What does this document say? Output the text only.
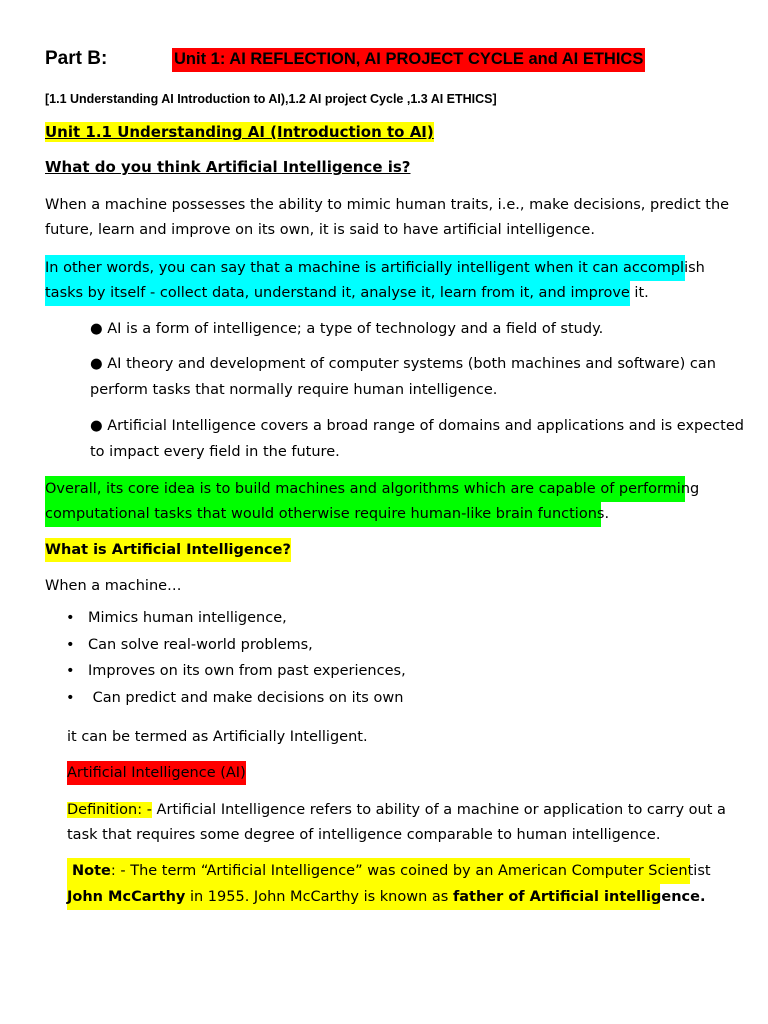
Part B:	Unit 1: AI REFLECTION, AI PROJECT CYCLE and AI ETHICS
[1.1 Understanding AI Introduction to AI),1.2 AI project Cycle ,1.3 AI ETHICS]
Unit 1.1 Understanding AI (Introduction to AI)
What do you think Artificial Intelligence is?
When a machine possesses the ability to mimic human traits, i.e., make decisions, predict the
future, learn and improve on its own, it is said to have artificial intelligence.
In other words, you can say that a machine is artificially intelligent when it can accomplish
tasks by itself - collect data, understand it, analyse it, learn from it, and improve it.
● AI is a form of intelligence; a type of technology and a field of study.
● AI theory and development of computer systems (both machines and software) can
perform tasks that normally require human intelligence.
● Artificial Intelligence covers a broad range of domains and applications and is expected
to impact every field in the future.
Overall, its core idea is to build machines and algorithms which are capable of performing
computational tasks that would otherwise require human-like brain functions.
What is Artificial Intelligence?
When a machine…
• Mimics human intelligence,
• Can solve real-world problems,
• Improves on its own from past experiences,
• Can predict and make decisions on its own
it can be termed as Artificially Intelligent.
Artificial Intelligence (AI)
Definition: - Artificial Intelligence refers to ability of a machine or application to carry out a
task that requires some degree of intelligence comparable to human intelligence.
Note: - The term “Artificial Intelligence” was coined by an American Computer Scientist
John McCarthy in 1955. John McCarthy is known as father of Artificial intelligence.
